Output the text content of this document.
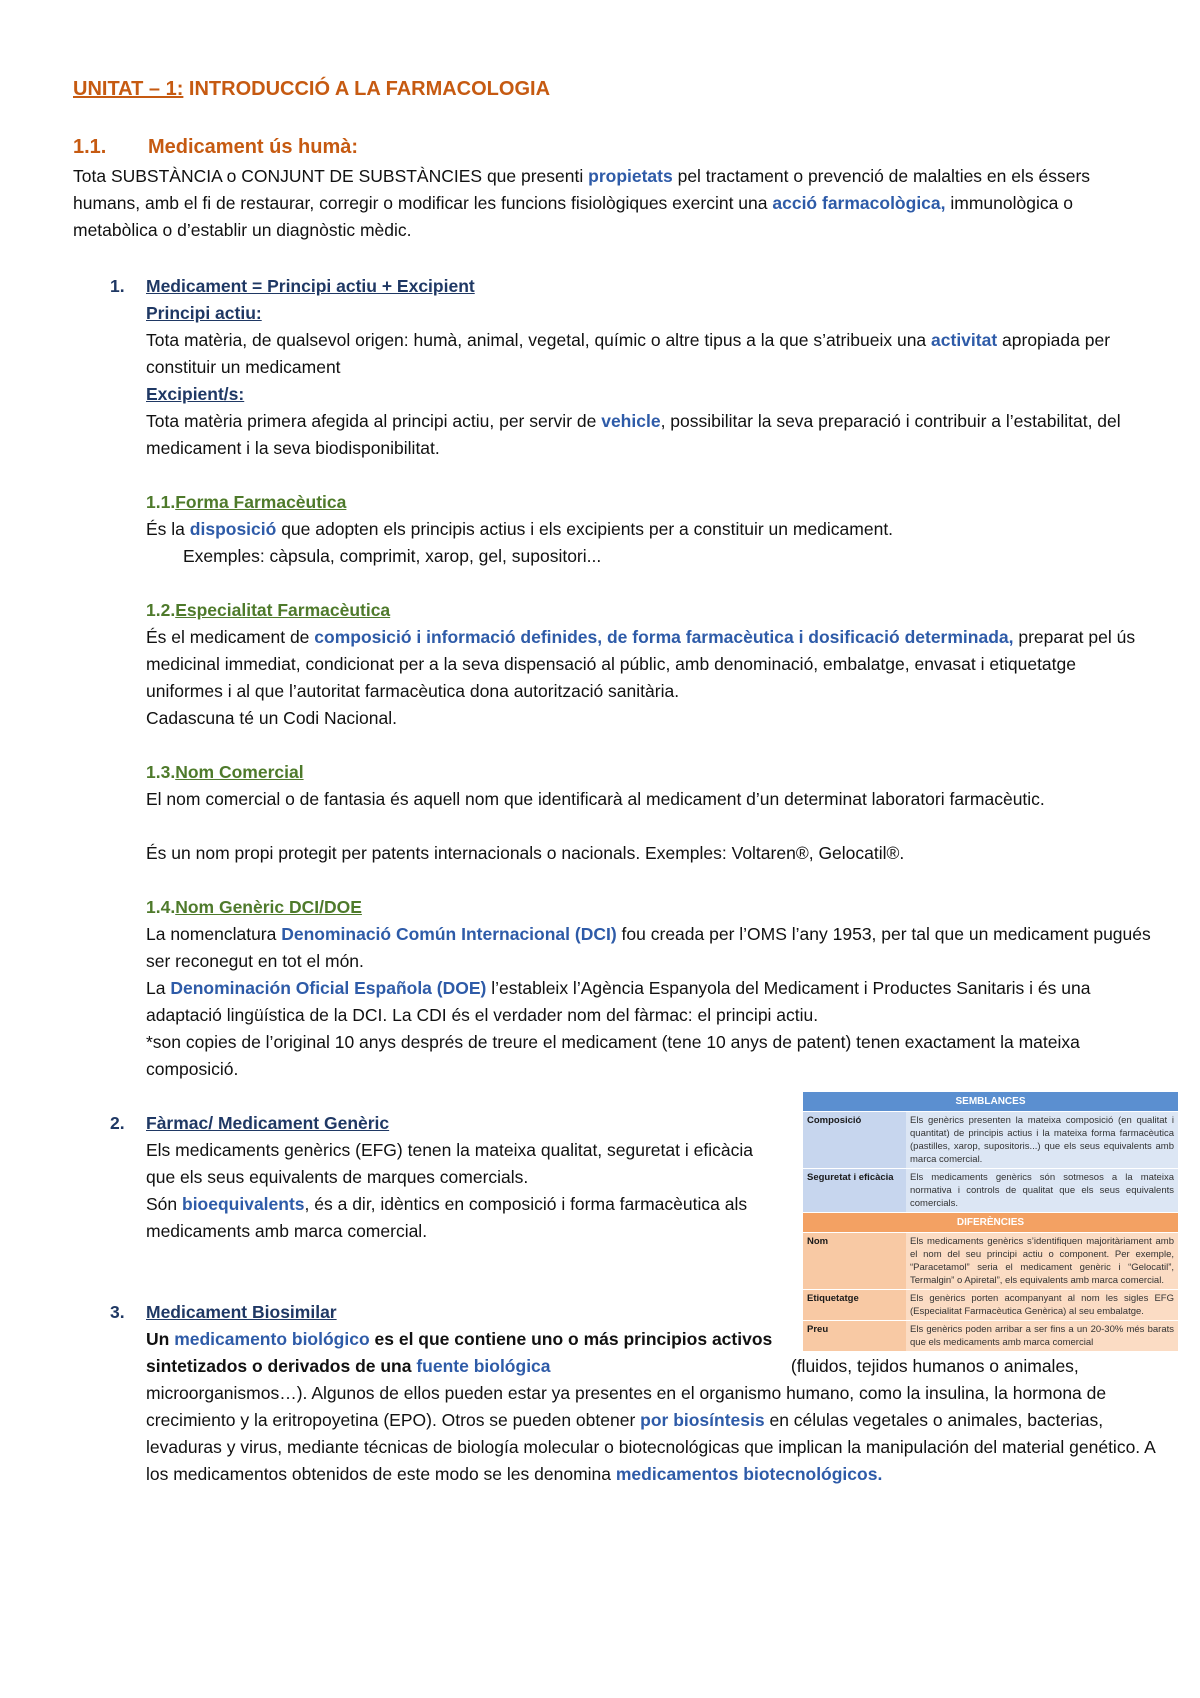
UNITAT – 1: INTRODUCCIÓ A LA FARMACOLOGIA
1.1. Medicament ús humà:

Tota SUBSTÀNCIA o CONJUNT DE SUBSTÀNCIES que presenti propietats pel tractament o prevenció de malalties en els éssers humans, amb el fi de restaurar, corregir o modificar les funcions fisiològiques exercint una acció farmacològica, immunològica o metabòlica o d’establir un diagnòstic mèdic.

1. Medicament = Principi actiu + Excipient
Principi actiu:

Tota matèria, de qualsevol origen: humà, animal, vegetal, químic o altre tipus a la que s’atribueix una activitat apropiada per constituir un medicament

Excipient/s:

Tota matèria primera afegida al principi actiu, per servir de vehicle, possibilitar la seva preparació i contribuir a l’estabilitat, del medicament i la seva biodisponibilitat.

1.1.Forma Farmacèutica

És la disposició que adopten els principis actius i els excipients per a constituir un medicament.

Exemples: càpsula, comprimit, xarop, gel, supositori...

1.2.Especialitat Farmacèutica

És el medicament de composició i informació definides, de forma farmacèutica i dosificació determinada, preparat pel ús medicinal immediat, condicionat per a la seva dispensació al públic, amb denominació, embalatge, envasat i etiquetatge uniformes i al que l’autoritat farmacèutica dona autorització sanitària.

Cadascuna té un Codi Nacional.

1.3.Nom Comercial

El nom comercial o de fantasia és aquell nom que identificarà al medicament d’un determinat laboratori farmacèutic.

És un nom propi protegit per patents internacionals o nacionals. Exemples: Voltaren®, Gelocatil®.

1.4.Nom Genèric DCI/DOE

La nomenclatura Denominació Común Internacional (DCI) fou creada per l’OMS l’any 1953, per tal que un medicament pugués ser reconegut en tot el món.

La Denominación Oficial Española (DOE) l’estableix l’Agència Espanyola del Medicament i Productes Sanitaris i és una adaptació lingüística de la DCI. La CDI és el verdader nom del fàrmac: el principi actiu.

*son copies de l’original 10 anys després de treure el medicament (tene 10 anys de patent) tenen exactament la mateixa composició.

2. Fàrmac/ Medicament Genèric

Els medicaments genèrics (EFG) tenen la mateixa qualitat, seguretat i eficàcia que els seus equivalents de marques comercials.

Són bioequivalents, és a dir, idèntics en composició i forma farmacèutica als medicaments amb marca comercial.

3. Medicament Biosimilar

Un medicamento biológico es el que contiene uno o más principios activos sintetizados o derivados de una fuente biológica	(fluidos, tejidos humanos o animales, microorganismos…). Algunos de ellos pueden estar ya presentes en el organismo humano, como la insulina, la hormona de crecimiento y la eritropoyetina (EPO). Otros se pueden obtener por biosíntesis en células vegetales o animales, bacterias, levaduras y virus, mediante técnicas de biología molecular o biotecnológicas que implican la manipulación del material genético. A los medicamentos obtenidos de este modo se les denomina medicamentos biotecnológicos.

SEMBLANCES	
Composició	Els genèrics presenten la mateixa composició (en qualitat i quantitat) de principis actius i la mateixa forma farmacèutica (pastilles, xarop, supositoris...) que els seus equivalents amb marca comercial.
Seguretat i eficàcia	Els medicaments genèrics són sotmesos a la mateixa normativa i controls de qualitat que els seus equivalents comercials.
DIFERÈNCIES	
Nom	Els medicaments genèrics s’identifiquen majoritàriament amb el nom del seu principi actiu o component. Per exemple, “Paracetamol” seria el medicament genèric i “Gelocatil”, Termalgin” o Apiretal”, els equivalents amb marca comercial.
Etiquetatge	Els genèrics porten acompanyant al nom les sigles EFG (Especialitat Farmacèutica Genèrica) al seu embalatge.
Preu	Els genèrics poden arribar a ser fins a un 20-30% més barats que els medicaments amb marca comercial
